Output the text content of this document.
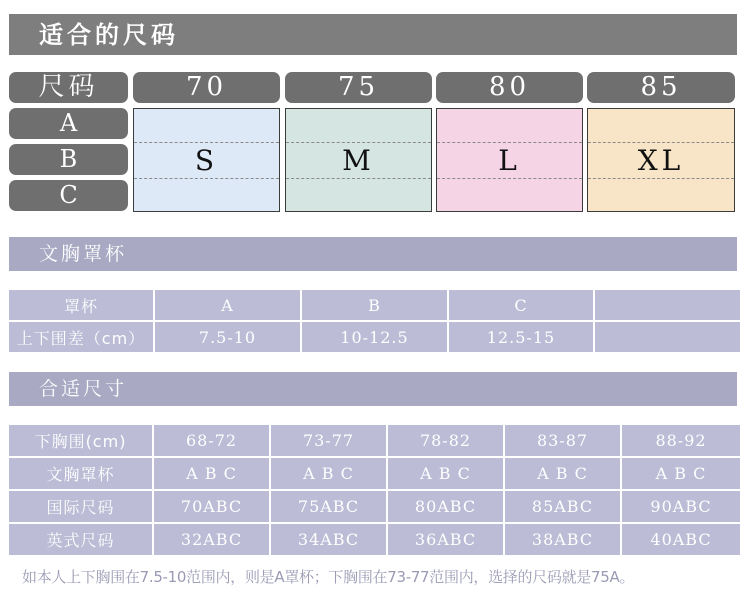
适合的尺码
尺码	70	75	80	85
A
B
C
S	M	L	XL
文胸罩杯
罩杯	A	B	C	
上下围差（cm）	7.5-10	10-12.5	12.5-15	
合适尺寸
下胸围(cm)	68-72	73-77	78-82	83-87	88-92
文胸罩杯	A B C	A B C	A B C	A B C	A B C
国际尺码	70ABC	75ABC	80ABC	85ABC	90ABC
英式尺码	32ABC	34ABC	36ABC	38ABC	40ABC
如本人上下胸围在7.5-10范围内，则是A罩杯；下胸围在73-77范围内，选择的尺码就是75A。
